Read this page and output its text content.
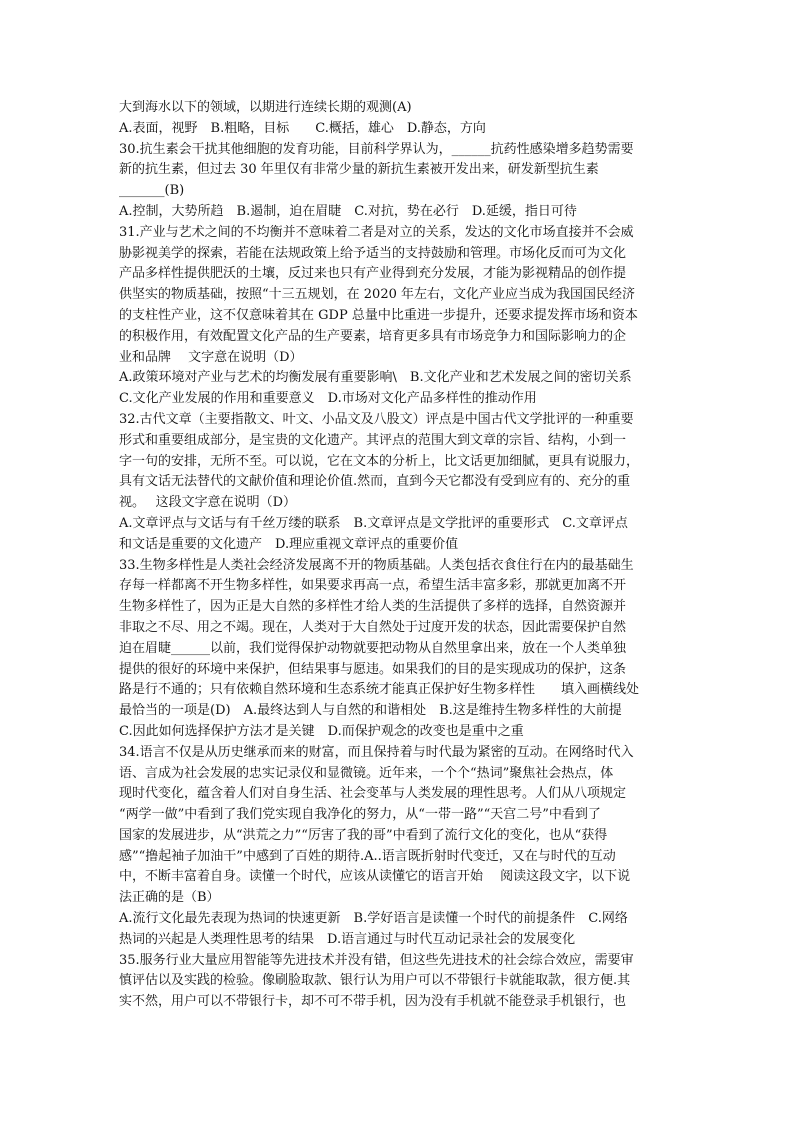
大到海水以下的领域，以期进行连续长期的观测(A)
A.表面，视野　B.粗略，目标　　C.概括，雄心　D.静态，方向
30.抗生素会干扰其他细胞的发育功能，目前科学界认为，______抗药性感染增多趋势需要
新的抗生素，但过去 30 年里仅有非常少量的新抗生素被开发出来，研发新型抗生素
_______(B)
A.控制，大势所趋　B.遏制，迫在眉睫　C.对抗，势在必行　D.延缓，指日可待
31.产业与艺术之间的不均衡并不意味着二者是对立的关系，发达的文化市场直接并不会威
胁影视美学的探索，若能在法规政策上给予适当的支持鼓励和管理。市场化反而可为文化
产品多样性提供肥沃的土壤，反过来也只有产业得到充分发展，才能为影视精品的创作提
供坚实的物质基础，按照“十三五规划，在 2020 年左右，文化产业应当成为我国国民经济
的支柱性产业，这不仅意味着其在 GDP 总量中比重进一步提升，还要求提发挥市场和资本
的积极作用，有效配置文化产品的生产要素，培育更多具有市场竞争力和国际影响力的企
业和品牌　 文字意在说明（D）
A.政策环境对产业与艺术的均衡发展有重要影响\　B.文化产业和艺术发展之间的密切关系
C.文化产业发展的作用和重要意义　D.市场对文化产品多样性的推动作用
32.古代文章（主要指散文、叶文、小品文及八股文）评点是中国古代文学批评的一种重要
形式和重要组成部分，是宝贵的文化遗产。其评点的范围大到文章的宗旨、结构，小到一
字一句的安排，无所不至。可以说，它在文本的分析上，比文话更加细腻，更具有说服力，
具有文话无法替代的文献价值和理论价值.然而，直到今天它都没有受到应有的、充分的重
视。　 这段文字意在说明（D）
A.文章评点与文话与有千丝万缕的联系　B.文章评点是文学批评的重要形式　C.文章评点
和文话是重要的文化遗产　D.理应重视文章评点的重要价值
33.生物多样性是人类社会经济发展离不开的物质基础。人类包括衣食住行在内的最基础生
存每一样都离不开生物多样性，如果要求再高一点，希望生活丰富多彩，那就更加离不开
生物多样性了，因为正是大自然的多样性才给人类的生活提供了多样的选择，自然资源并
非取之不尽、用之不竭。现在，人类对于大自然处于过度开发的状态，因此需要保护自然
迫在眉睫______以前，我们觉得保护动物就要把动物从自然里拿出来，放在一个人类单独
提供的很好的环境中来保护，但结果事与愿违。如果我们的目的是实现成功的保护，这条
路是行不通的；只有依赖自然环境和生态系统才能真正保护好生物多样性　　填入画横线处
最恰当的一项是(D)　A.最终达到人与自然的和谐相处　B.这是维持生物多样性的大前提
C.因此如何选择保护方法才是关键　D.而保护观念的改变也是重中之重
34.语言不仅是从历史继承而来的财富，而且保持着与时代最为紧密的互动。在网络时代入
语、言成为社会发展的忠实记录仪和显微镜。近年来，一个个“热词”聚焦社会热点，体
现时代变化，蕴含着人们对自身生活、社会变革与人类发展的理性思考。人们从八项规定
“两学一做”中看到了我们党实现自我净化的努力，从“一带一路”“天宫二号”中看到了
国家的发展进步，从“洪荒之力”“厉害了我的哥”中看到了流行文化的变化，也从“获得
感”“撸起袖子加油干”中感到了百姓的期待.A..语言既折射时代变迁，又在与时代的互动
中，不断丰富着自身。读懂一个时代，应该从读懂它的语言开始　 阅读这段文字，以下说
法正确的是（B）
A.流行文化最先表现为热词的快速更新　B.学好语言是读懂一个时代的前提条件　C.网络
热词的兴起是人类理性思考的结果　D.语言通过与时代互动记录社会的发展变化
35.服务行业大量应用智能等先进技术并没有错，但这些先进技术的社会综合效应，需要审
慎评估以及实践的检验。像刷脸取款、银行认为用户可以不带银行卡就能取款，很方便.其
实不然，用户可以不带银行卡，却不可不带手机，因为没有手机就不能登录手机银行，也
